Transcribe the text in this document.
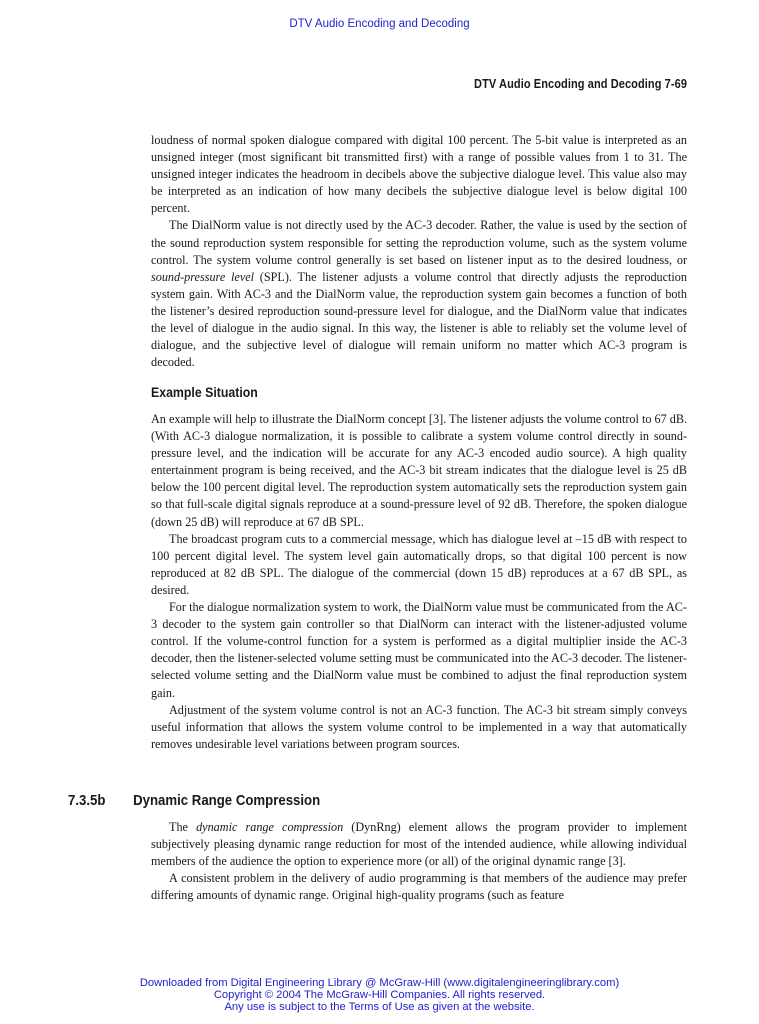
DTV Audio Encoding and Decoding
DTV Audio Encoding and Decoding 7-69

loudness of normal spoken dialogue compared with digital 100 percent. The 5-bit value is interpreted as an unsigned integer (most significant bit transmitted first) with a range of possible values from 1 to 31. The unsigned integer indicates the headroom in decibels above the subjective dialogue level. This value also may be interpreted as an indication of how many decibels the subjective dialogue level is below digital 100 percent.

The DialNorm value is not directly used by the AC-3 decoder. Rather, the value is used by the section of the sound reproduction system responsible for setting the reproduction volume, such as the system volume control. The system volume control generally is set based on listener input as to the desired loudness, or sound-pressure level (SPL). The listener adjusts a volume control that directly adjusts the reproduction system gain. With AC-3 and the DialNorm value, the reproduction system gain becomes a function of both the listener’s desired reproduction sound-pressure level for dialogue, and the DialNorm value that indicates the level of dialogue in the audio signal. In this way, the listener is able to reliably set the volume level of dialogue, and the subjective level of dialogue will remain uniform no matter which AC-3 program is decoded.

Example Situation

An example will help to illustrate the DialNorm concept [3]. The listener adjusts the volume control to 67 dB. (With AC-3 dialogue normalization, it is possible to calibrate a system volume control directly in sound-pressure level, and the indication will be accurate for any AC-3 encoded audio source). A high quality entertainment program is being received, and the AC-3 bit stream indicates that the dialogue level is 25 dB below the 100 percent digital level. The reproduction system automatically sets the reproduction system gain so that full-scale digital signals reproduce at a sound-pressure level of 92 dB. Therefore, the spoken dialogue (down 25 dB) will reproduce at 67 dB SPL.

The broadcast program cuts to a commercial message, which has dialogue level at –15 dB with respect to 100 percent digital level. The system level gain automatically drops, so that digital 100 percent is now reproduced at 82 dB SPL. The dialogue of the commercial (down 15 dB) reproduces at a 67 dB SPL, as desired.

For the dialogue normalization system to work, the DialNorm value must be communicated from the AC-3 decoder to the system gain controller so that DialNorm can interact with the listener-adjusted volume control. If the volume-control function for a system is performed as a digital multiplier inside the AC-3 decoder, then the listener-selected volume setting must be communicated into the AC-3 decoder. The listener-selected volume setting and the DialNorm value must be combined to adjust the final reproduction system gain.

Adjustment of the system volume control is not an AC-3 function. The AC-3 bit stream simply conveys useful information that allows the system volume control to be implemented in a way that automatically removes undesirable level variations between program sources.

7.3.5b Dynamic Range Compression

The dynamic range compression (DynRng) element allows the program provider to implement subjectively pleasing dynamic range reduction for most of the intended audience, while allowing individual members of the audience the option to experience more (or all) of the original dynamic range [3].

A consistent problem in the delivery of audio programming is that members of the audience may prefer differing amounts of dynamic range. Original high-quality programs (such as feature

Downloaded from Digital Engineering Library @ McGraw-Hill (www.digitalengineeringlibrary.com)
Copyright © 2004 The McGraw-Hill Companies. All rights reserved.
Any use is subject to the Terms of Use as given at the website.
